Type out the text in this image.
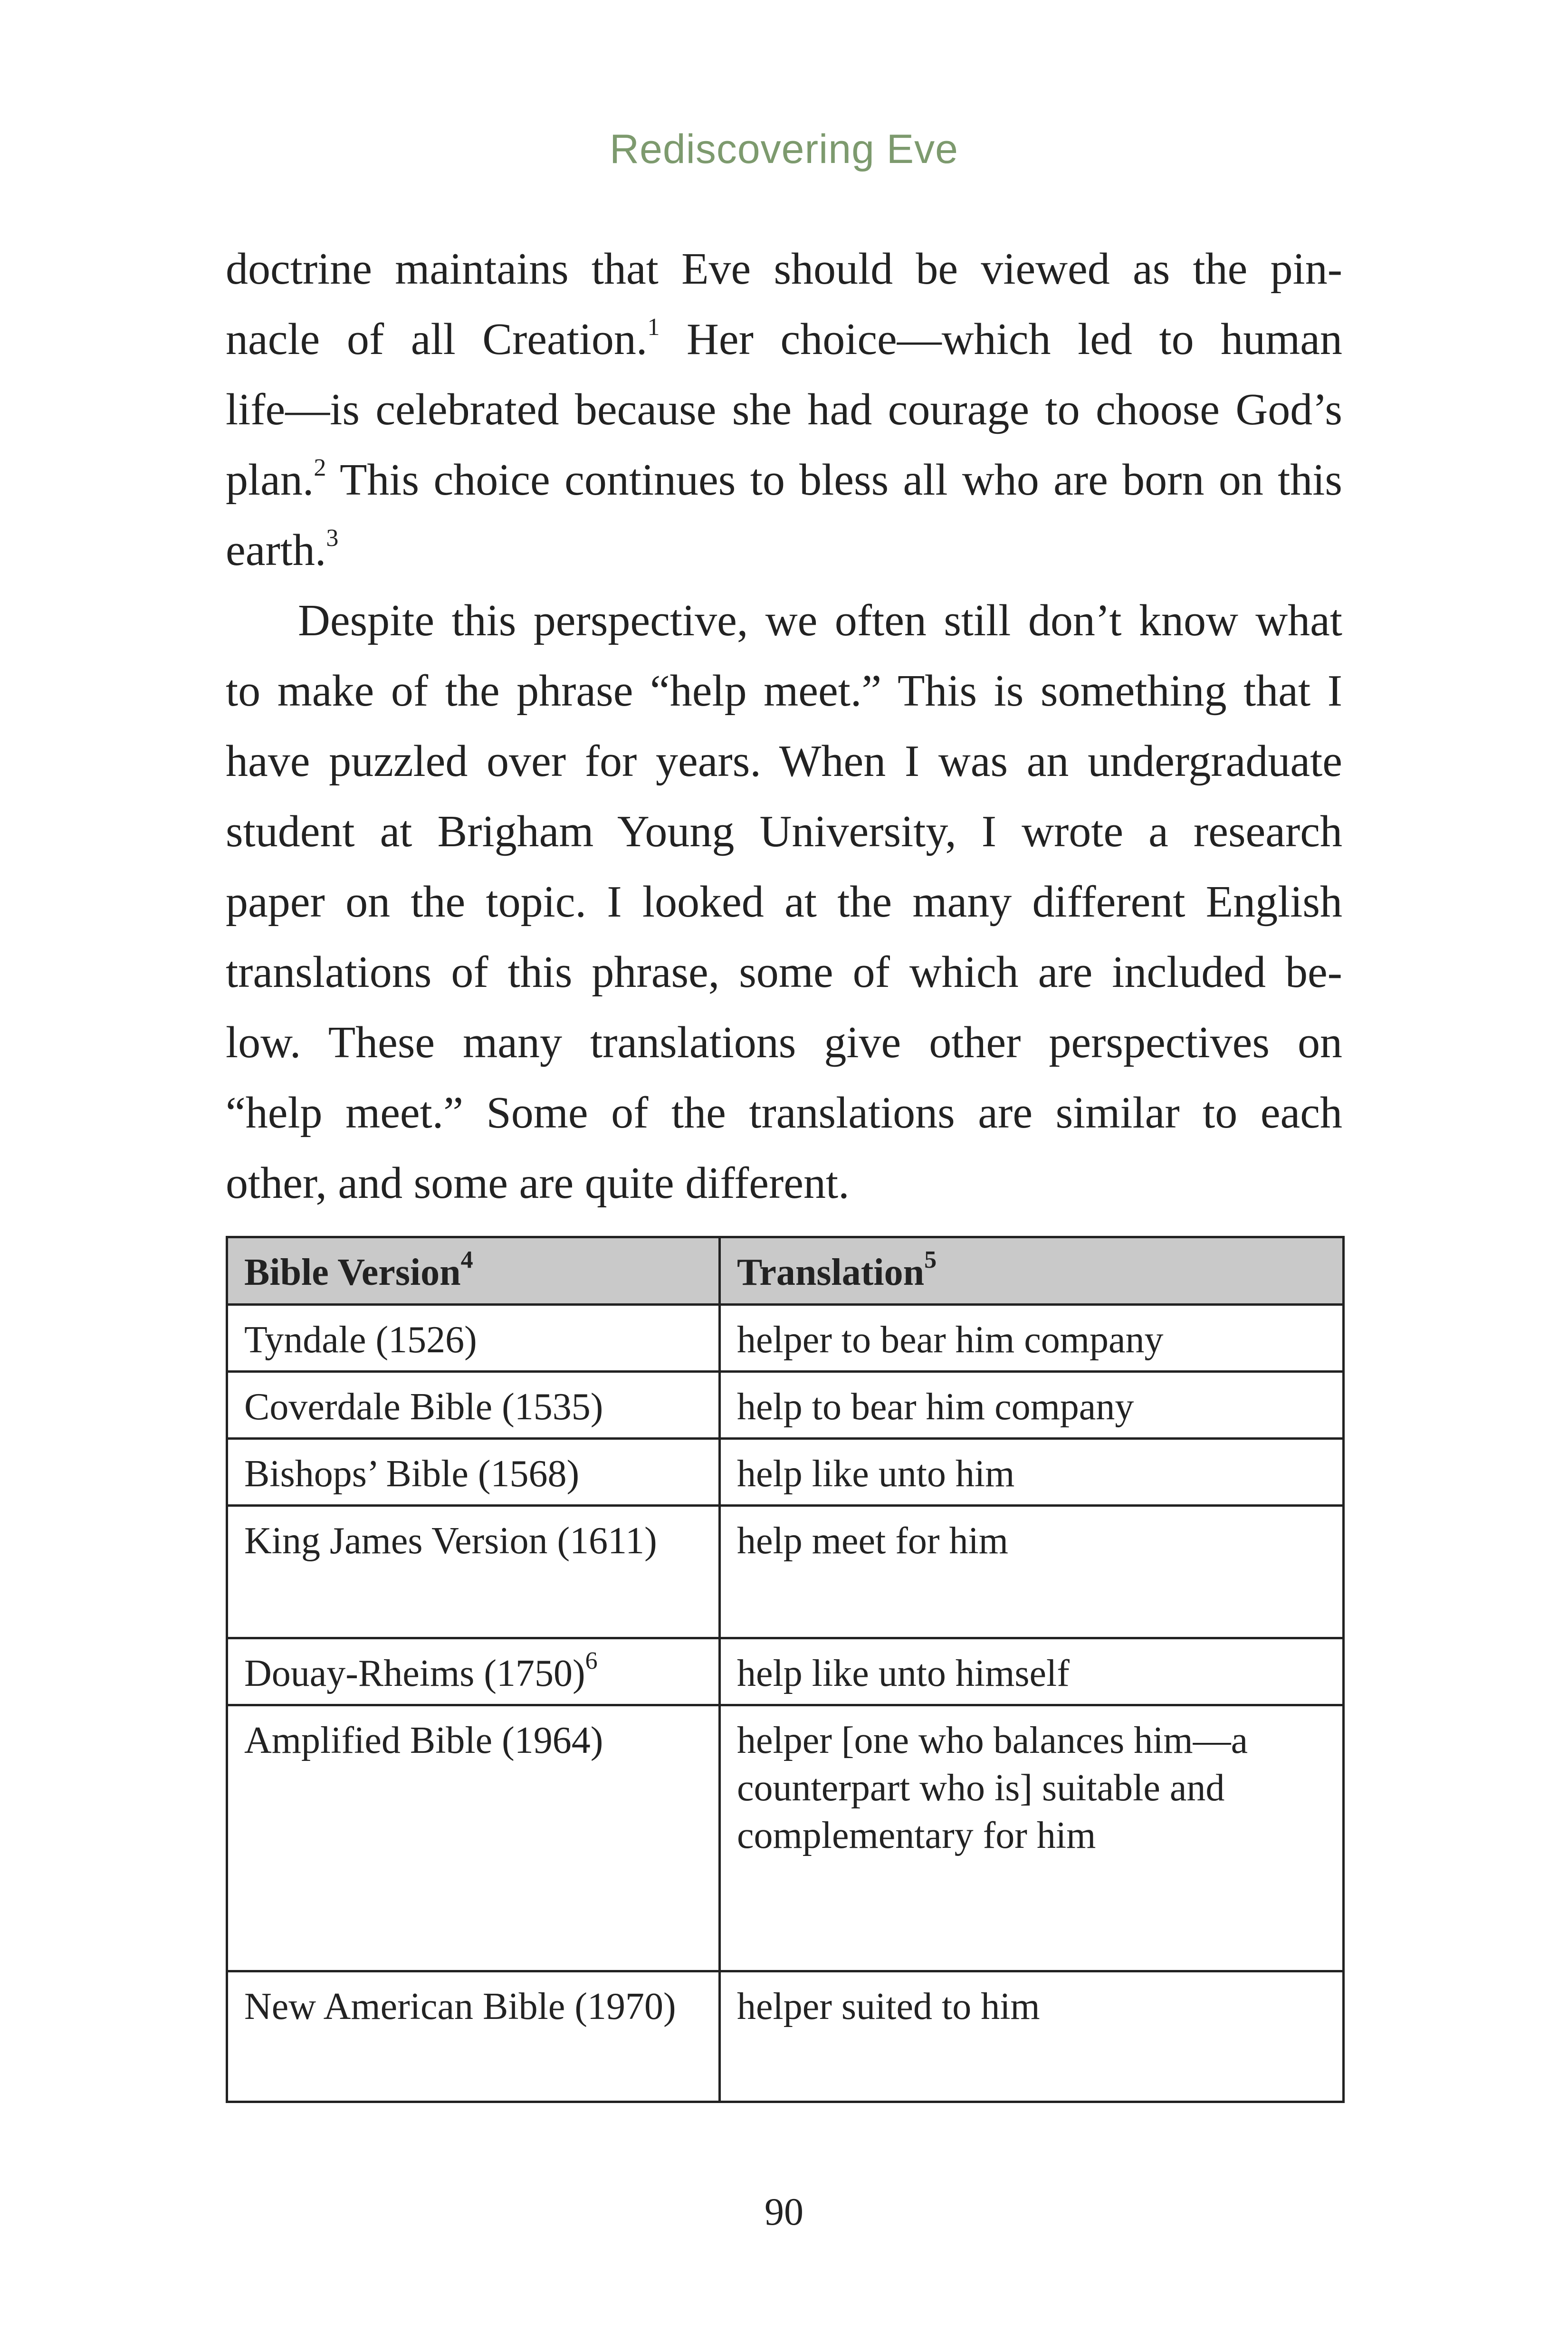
Rediscovering Eve
doctrine maintains that Eve should be viewed as the pin-
nacle of all Creation.$^1$ Her choice—which led to human
life—is celebrated because she had courage to choose God’s
plan.$^2$ This choice continues to bless all who are born on this
earth.$^3$
Despite this perspective, we often still don’t know what
to make of the phrase “help meet.” This is something that I
have puzzled over for years. When I was an undergraduate
student at Brigham Young University, I wrote a research
paper on the topic. I looked at the many different English
translations of this phrase, some of which are included be-
low. These many translations give other perspectives on
“help meet.” Some of the translations are similar to each
other, and some are quite different.
Bible Version$^4$	Translation$^5$
Tyndale (1526)	helper to bear him company
Coverdale Bible (1535)	help to bear him company
Bishops’ Bible (1568)	help like unto him
King James Version (1611)	help meet for him
Douay-Rheims $(1750)^6$	help like unto himself
Amplified Bible (1964)	helper [one who balances him—a counterpart who is] suitable and complementary for him
New American Bible (1970)	helper suited to him
90
